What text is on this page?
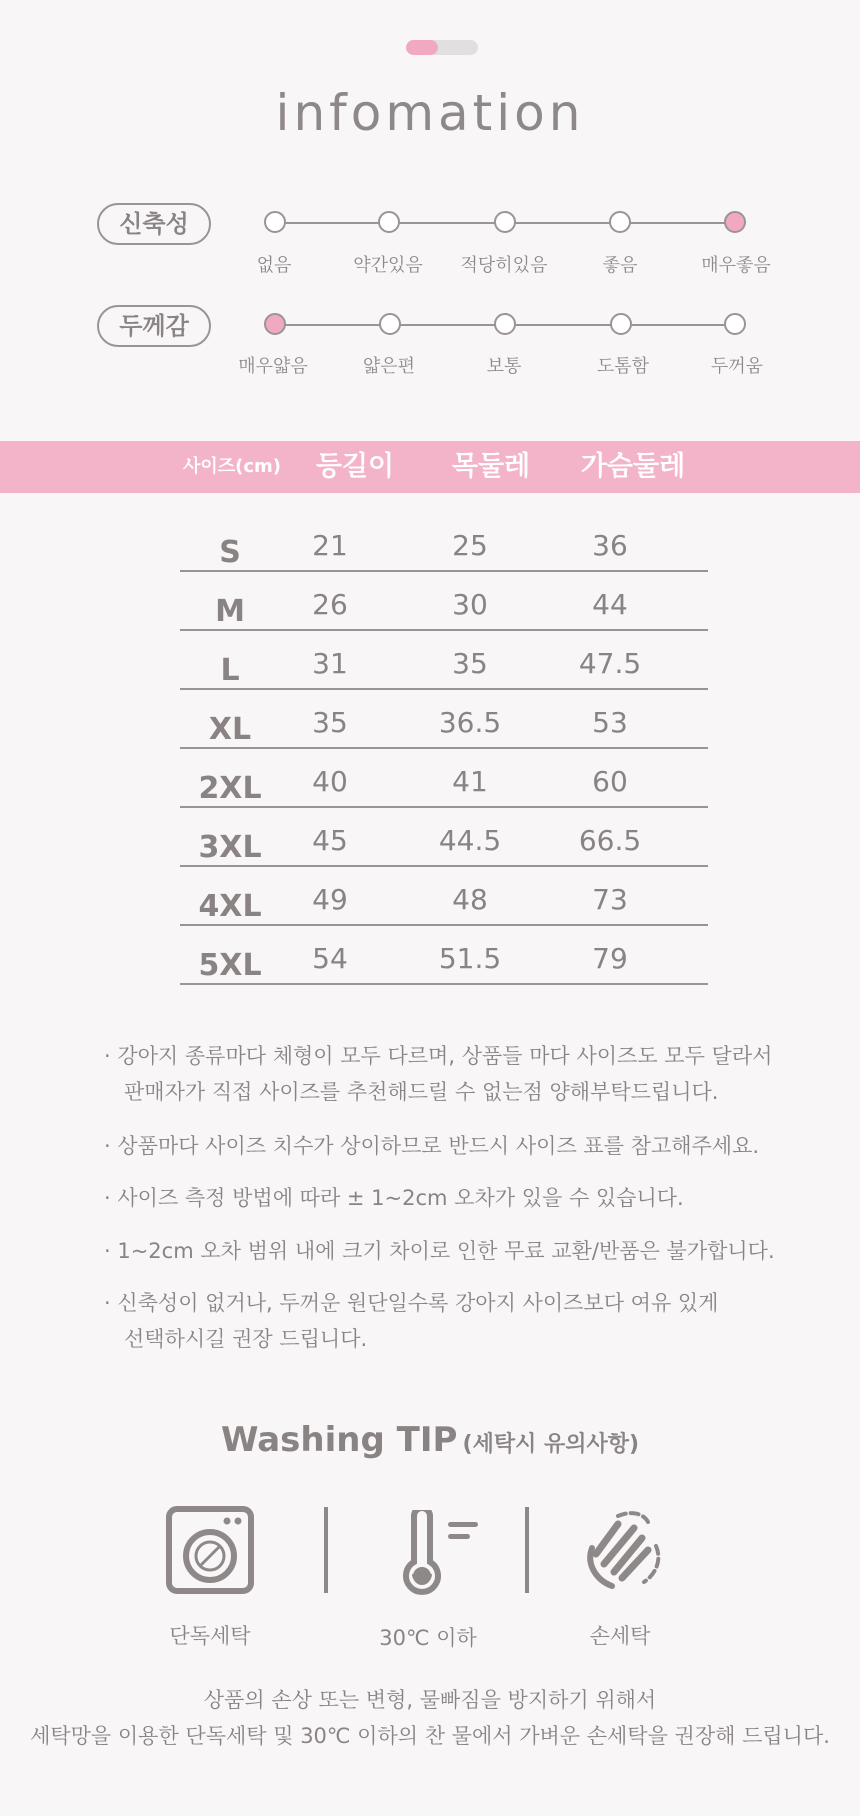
infomation
신축성
없음	약간있음	적당히있음	좋음	매우좋음
두께감
매우얇음	얇은편	보통	도톰함	두꺼움
사이즈(cm)	등길이	목둘레	가슴둘레
S	21	25	36
M	26	30	44
L	31	35	47.5
XL	35	36.5	53
2XL	40	41	60
3XL	45	44.5	66.5
4XL	49	48	73
5XL	54	51.5	79
· 강아지 종류마다 체형이 모두 다르며, 상품들 마다 사이즈도 모두 달라서
판매자가 직접 사이즈를 추천해드릴 수 없는점 양해부탁드립니다.
· 상품마다 사이즈 치수가 상이하므로 반드시 사이즈 표를 참고해주세요.
· 사이즈 측정 방법에 따라 ± 1~2cm 오차가 있을 수 있습니다.
· 1~2cm 오차 범위 내에 크기 차이로 인한 무료 교환/반품은 불가합니다.
· 신축성이 없거나, 두꺼운 원단일수록 강아지 사이즈보다 여유 있게
선택하시길 권장 드립니다.
Washing TIP (세탁시 유의사항)
단독세탁	30℃ 이하	손세탁
상품의 손상 또는 변형, 물빠짐을 방지하기 위해서
세탁망을 이용한 단독세탁 및 30℃ 이하의 찬 물에서 가벼운 손세탁을 권장해 드립니다.
